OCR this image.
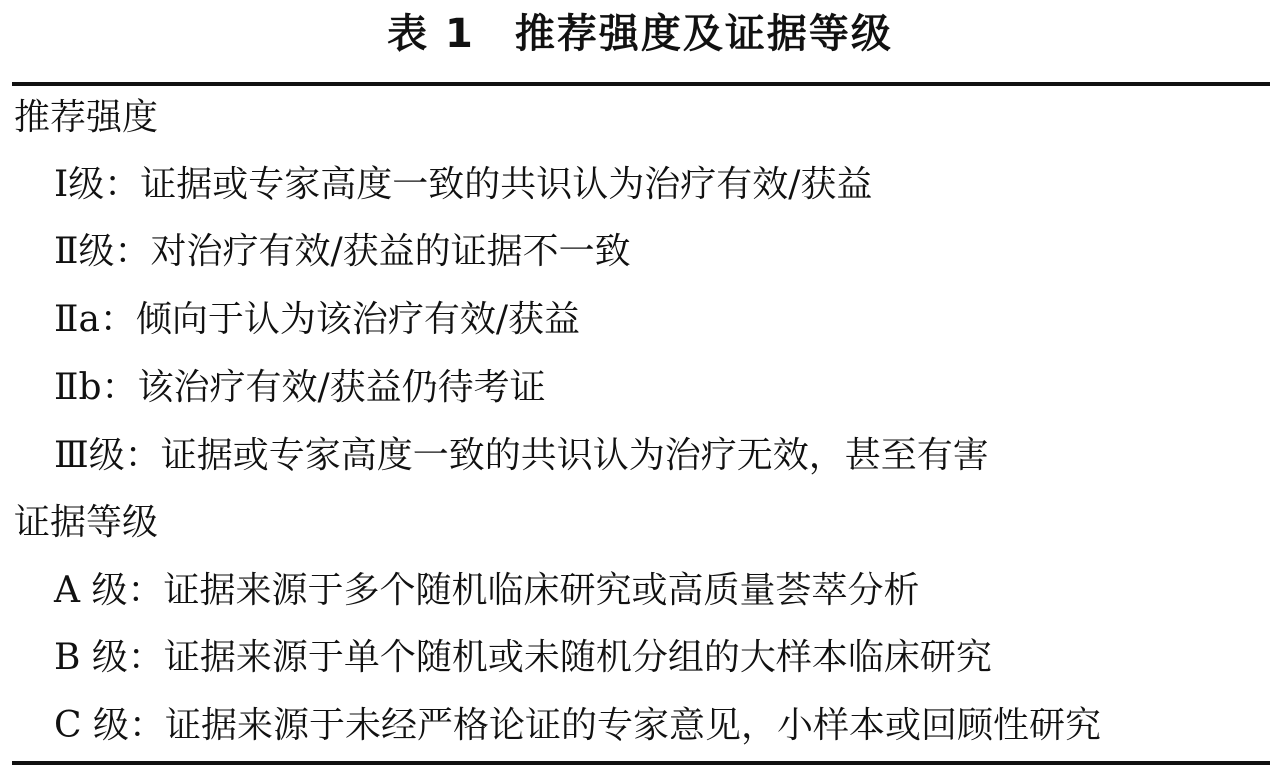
表 1 推荐强度及证据等级
推荐强度
Ⅰ级：证据或专家高度一致的共识认为治疗有效/获益
Ⅱ级：对治疗有效/获益的证据不一致
Ⅱa：倾向于认为该治疗有效/获益
Ⅱb：该治疗有效/获益仍待考证
Ⅲ级：证据或专家高度一致的共识认为治疗无效，甚至有害
证据等级
A 级：证据来源于多个随机临床研究或高质量荟萃分析
B 级：证据来源于单个随机或未随机分组的大样本临床研究
C 级：证据来源于未经严格论证的专家意见，小样本或回顾性研究
